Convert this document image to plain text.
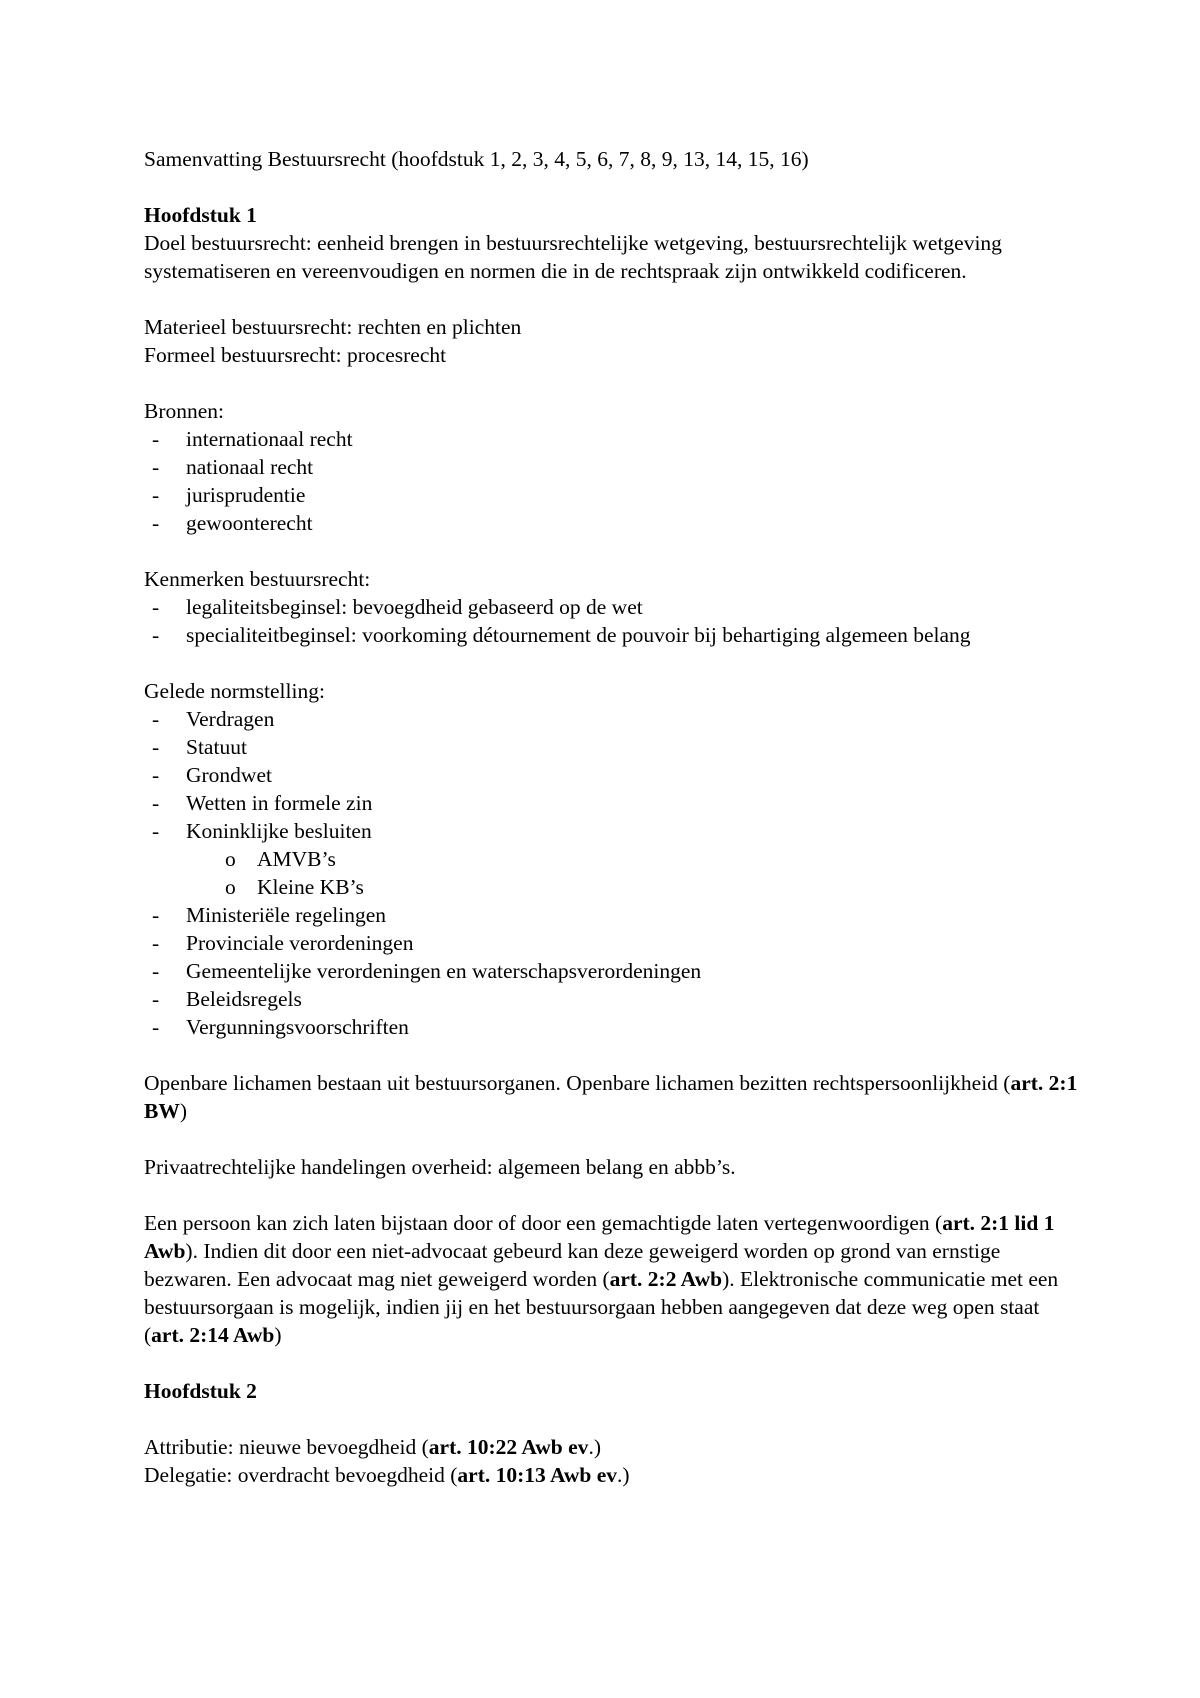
Samenvatting Bestuursrecht (hoofdstuk 1, 2, 3, 4, 5, 6, 7, 8, 9, 13, 14, 15, 16)

Hoofdstuk 1

Doel bestuursrecht: eenheid brengen in bestuursrechtelijke wetgeving, bestuursrechtelijk wetgeving systematiseren en vereenvoudigen en normen die in de rechtspraak zijn ontwikkeld codificeren.

Materieel bestuursrecht: rechten en plichten

Formeel bestuursrecht: procesrecht

Bronnen:

- internationaal recht
- nationaal recht
- jurisprudentie
- gewoonterecht

Kenmerken bestuursrecht:

- legaliteitsbeginsel: bevoegdheid gebaseerd op de wet
- specialiteitbeginsel: voorkoming détournement de pouvoir bij behartiging algemeen belang

Gelede normstelling:

- Verdragen
- Statuut
- Grondwet
- Wetten in formele zin
- Koninklijke besluiten
o AMVB’s
o Kleine KB’s
- Ministeriële regelingen
- Provinciale verordeningen
- Gemeentelijke verordeningen en waterschapsverordeningen
- Beleidsregels
- Vergunningsvoorschriften

Openbare lichamen bestaan uit bestuursorganen. Openbare lichamen bezitten rechtspersoonlijkheid (art. 2:1 BW)

Privaatrechtelijke handelingen overheid: algemeen belang en abbb’s.

Een persoon kan zich laten bijstaan door of door een gemachtigde laten vertegenwoordigen (art. 2:1 lid 1 Awb). Indien dit door een niet-advocaat gebeurd kan deze geweigerd worden op grond van ernstige bezwaren. Een advocaat mag niet geweigerd worden (art. 2:2 Awb). Elektronische communicatie met een bestuursorgaan is mogelijk, indien jij en het bestuursorgaan hebben aangegeven dat deze weg open staat (art. 2:14 Awb)

Hoofdstuk 2

Attributie: nieuwe bevoegdheid (art. 10:22 Awb ev.)

Delegatie: overdracht bevoegdheid (art. 10:13 Awb ev.)
